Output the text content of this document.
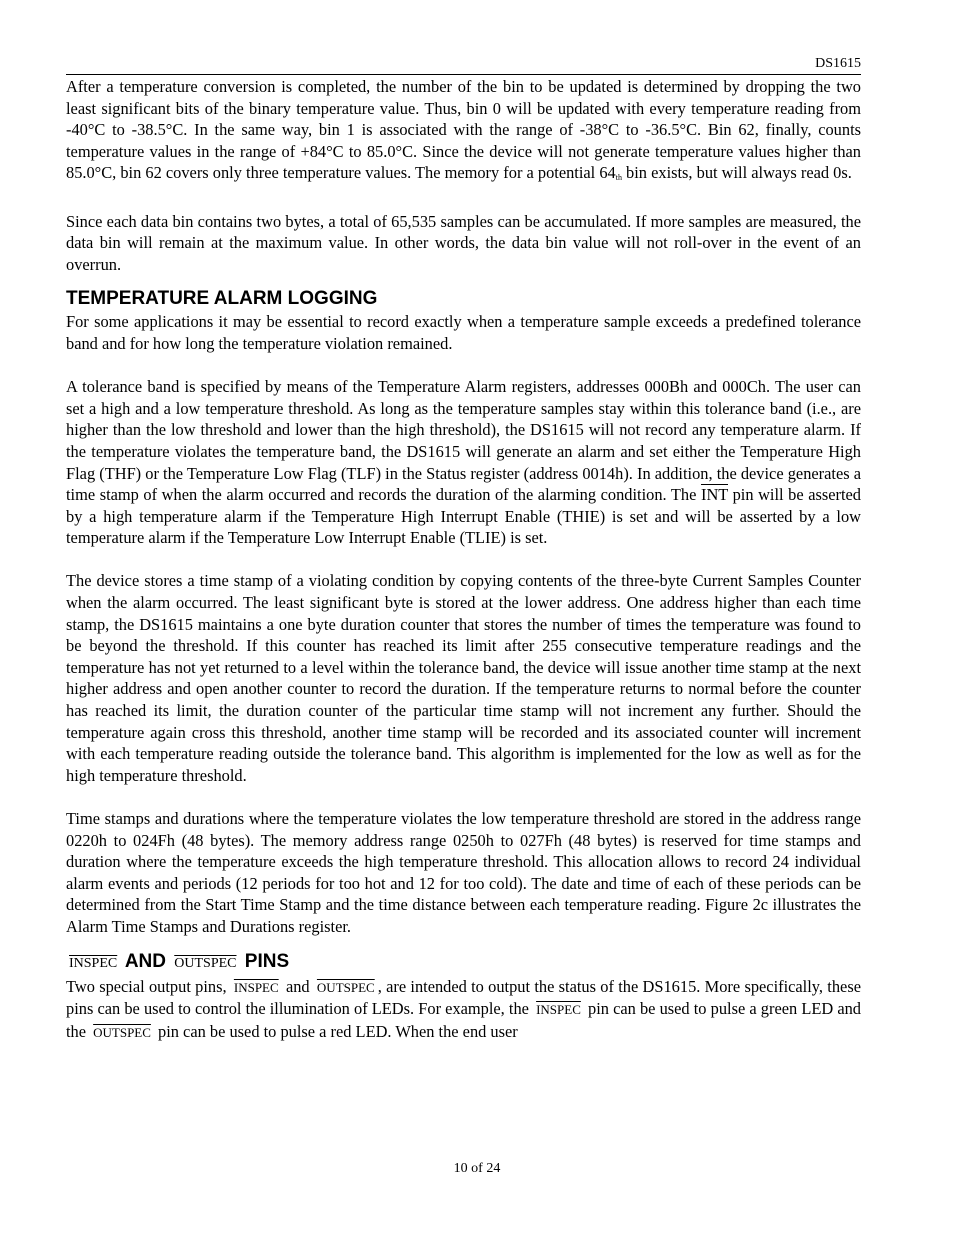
DS1615

After a temperature conversion is completed, the number of the bin to be updated is determined by dropping the two least significant bits of the binary temperature value. Thus, bin 0 will be updated with every temperature reading from -40°C to -38.5°C. In the same way, bin 1 is associated with the range of -38°C to -36.5°C. Bin 62, finally, counts temperature values in the range of +84°C to 85.0°C. Since the device will not generate temperature values higher than 85.0°C, bin 62 covers only three temperature values. The memory for a potential 64th bin exists, but will always read 0s.

Since each data bin contains two bytes, a total of 65,535 samples can be accumulated. If more samples are measured, the data bin will remain at the maximum value. In other words, the data bin value will not roll-over in the event of an overrun.

TEMPERATURE ALARM LOGGING

For some applications it may be essential to record exactly when a temperature sample exceeds a predefined tolerance band and for how long the temperature violation remained.

A tolerance band is specified by means of the Temperature Alarm registers, addresses 000Bh and 000Ch. The user can set a high and a low temperature threshold. As long as the temperature samples stay within this tolerance band (i.e., are higher than the low threshold and lower than the high threshold), the DS1615 will not record any temperature alarm. If the temperature violates the temperature band, the DS1615 will generate an alarm and set either the Temperature High Flag (THF) or the Temperature Low Flag (TLF) in the Status register (address 0014h). In addition, the device generates a time stamp of when the alarm occurred and records the duration of the alarming condition. The $\overline{INT}$ pin will be asserted by a high temperature alarm if the Temperature High Interrupt Enable (THIE) is set and will be asserted by a low temperature alarm if the Temperature Low Interrupt Enable (TLIE) is set.

The device stores a time stamp of a violating condition by copying contents of the three-byte Current Samples Counter when the alarm occurred. The least significant byte is stored at the lower address. One address higher than each time stamp, the DS1615 maintains a one byte duration counter that stores the number of times the temperature was found to be beyond the threshold. If this counter has reached its limit after 255 consecutive temperature readings and the temperature has not yet returned to a level within the tolerance band, the device will issue another time stamp at the next higher address and open another counter to record the duration. If the temperature returns to normal before the counter has reached its limit, the duration counter of the particular time stamp will not increment any further. Should the temperature again cross this threshold, another time stamp will be recorded and its associated counter will increment with each temperature reading outside the tolerance band. This algorithm is implemented for the low as well as for the high temperature threshold.

Time stamps and durations where the temperature violates the low temperature threshold are stored in the address range 0220h to 024Fh (48 bytes). The memory address range 0250h to 027Fh (48 bytes) is reserved for time stamps and duration where the temperature exceeds the high temperature threshold. This allocation allows to record 24 individual alarm events and periods (12 periods for too hot and 12 for too cold). The date and time of each of these periods can be determined from the Start Time Stamp and the time distance between each temperature reading. Figure 2c illustrates the Alarm Time Stamps and Durations register.

INSPEC AND OUTSPEC PINS

Two special output pins, INSPEC and OUTSPEC , are intended to output the status of the DS1615. More specifically, these pins can be used to control the illumination of LEDs. For example, the INSPEC pin can be used to pulse a green LED and the OUTSPEC pin can be used to pulse a red LED. When the end user

10 of 24
